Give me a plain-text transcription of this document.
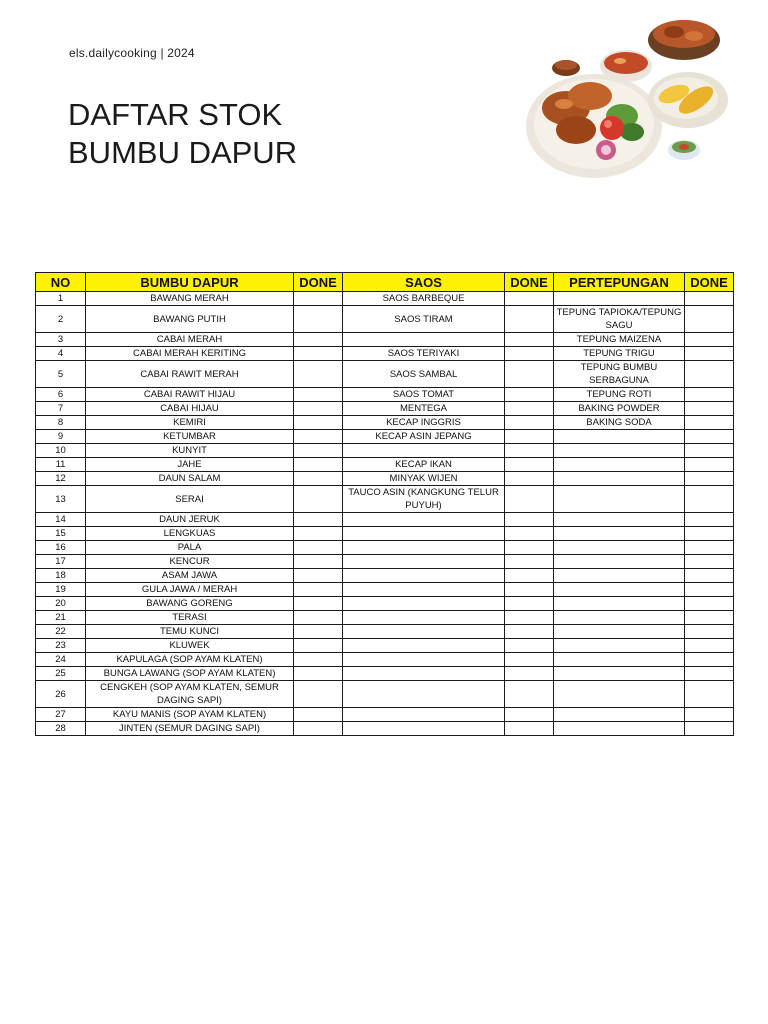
els.dailycooking | 2024
DAFTAR STOK
BUMBU DAPUR
NO	BUMBU DAPUR	DONE	SAOS	DONE	PERTEPUNGAN	DONE
1	BAWANG MERAH		SAOS BARBEQUE			
2	BAWANG PUTIH		SAOS TIRAM		TEPUNG TAPIOKA/TEPUNG SAGU	
3	CABAI MERAH				TEPUNG MAIZENA	
4	CABAI MERAH KERITING		SAOS TERIYAKI		TEPUNG TRIGU	
5	CABAI RAWIT MERAH		SAOS SAMBAL		TEPUNG BUMBU SERBAGUNA	
6	CABAI RAWIT HIJAU		SAOS TOMAT		TEPUNG ROTI	
7	CABAI HIJAU		MENTEGA		BAKING POWDER	
8	KEMIRI		KECAP INGGRIS		BAKING SODA	
9	KETUMBAR		KECAP ASIN JEPANG			
10	KUNYIT					
11	JAHE		KECAP IKAN			
12	DAUN SALAM		MINYAK WIJEN			
13	SERAI		TAUCO ASIN (KANGKUNG TELUR PUYUH)			
14	DAUN JERUK					
15	LENGKUAS					
16	PALA					
17	KENCUR					
18	ASAM JAWA					
19	GULA JAWA / MERAH					
20	BAWANG GORENG					
21	TERASI					
22	TEMU KUNCI					
23	KLUWEK					
24	KAPULAGA (SOP AYAM KLATEN)					
25	BUNGA LAWANG (SOP AYAM KLATEN)					
26	CENGKEH (SOP AYAM KLATEN, SEMUR DAGING SAPI)					
27	KAYU MANIS (SOP AYAM KLATEN)					
28	JINTEN (SEMUR DAGING SAPI)					
